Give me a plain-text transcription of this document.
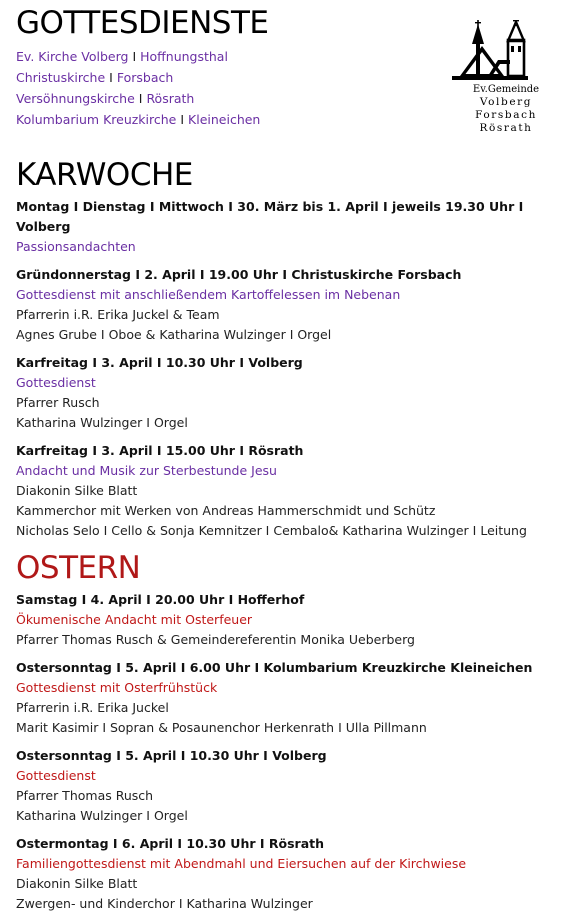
Ev.Gemeinde
Volberg
Forsbach
Rösrath
GOTTESDIENSTE
Ev. Kirche Volberg I Hoffnungsthal
Christuskirche I Forsbach
Versöhnungskirche I Rösrath
Kolumbarium Kreuzkirche I Kleineichen
KARWOCHE
Montag I Dienstag I Mittwoch I 30. März bis 1. April I jeweils 19.30 Uhr I Volberg
Passionsandachten
Gründonnerstag I 2. April I 19.00 Uhr I Christuskirche Forsbach
Gottesdienst mit anschließendem Kartoffelessen im Nebenan
Pfarrerin i.R. Erika Juckel & Team
Agnes Grube I Oboe & Katharina Wulzinger I Orgel
Karfreitag I 3. April I 10.30 Uhr I Volberg
Gottesdienst
Pfarrer Rusch
Katharina Wulzinger I Orgel
Karfreitag I 3. April I 15.00 Uhr I Rösrath
Andacht und Musik zur Sterbestunde Jesu
Diakonin Silke Blatt
Kammerchor mit Werken von Andreas Hammerschmidt und Schütz
Nicholas Selo I Cello & Sonja Kemnitzer I Cembalo& Katharina Wulzinger I Leitung
OSTERN
Samstag I 4. April I 20.00 Uhr I Hofferhof
Ökumenische Andacht mit Osterfeuer
Pfarrer Thomas Rusch & Gemeindereferentin Monika Ueberberg
Ostersonntag I 5. April I 6.00 Uhr I Kolumbarium Kreuzkirche Kleineichen
Gottesdienst mit Osterfrühstück
Pfarrerin i.R. Erika Juckel
Marit Kasimir I Sopran & Posaunenchor Herkenrath I Ulla Pillmann
Ostersonntag I 5. April I 10.30 Uhr I Volberg
Gottesdienst
Pfarrer Thomas Rusch
Katharina Wulzinger I Orgel
Ostermontag I 6. April I 10.30 Uhr I Rösrath
Familiengottesdienst mit Abendmahl und Eiersuchen auf der Kirchwiese
Diakonin Silke Blatt
Zwergen- und Kinderchor I Katharina Wulzinger
